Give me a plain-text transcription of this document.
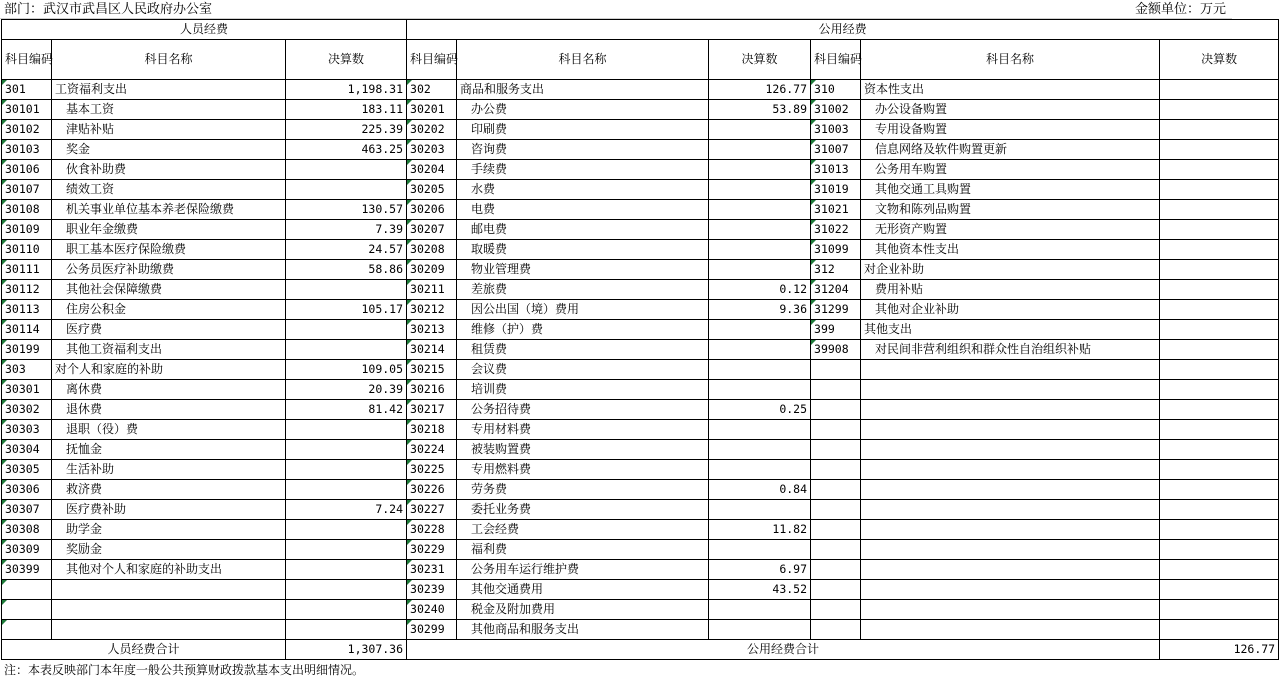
部门：武汉市武昌区人民政府办公室	金额单位：万元
人员经费			公用经费					
科目编码	科目名称	决算数	科目编码	科目名称	决算数	科目编码	科目名称	决算数
301	工资福利支出	1,198.31	302	商品和服务支出	126.77	310	资本性支出	
30101	基本工资	183.11	30201	办公费	53.89	31002	办公设备购置	
30102	津贴补贴	225.39	30202	印刷费		31003	专用设备购置	
30103	奖金	463.25	30203	咨询费		31007	信息网络及软件购置更新	
30106	伙食补助费		30204	手续费		31013	公务用车购置	
30107	绩效工资		30205	水费		31019	其他交通工具购置	
30108	机关事业单位基本养老保险缴费	130.57	30206	电费		31021	文物和陈列品购置	
30109	职业年金缴费	7.39	30207	邮电费		31022	无形资产购置	
30110	职工基本医疗保险缴费	24.57	30208	取暖费		31099	其他资本性支出	
30111	公务员医疗补助缴费	58.86	30209	物业管理费		312	对企业补助	
30112	其他社会保障缴费		30211	差旅费	0.12	31204	费用补贴	
30113	住房公积金	105.17	30212	因公出国（境）费用	9.36	31299	其他对企业补助	
30114	医疗费		30213	维修（护）费		399	其他支出	
30199	其他工资福利支出		30214	租赁费		39908	对民间非营利组织和群众性自治组织补贴	
303	对个人和家庭的补助	109.05	30215	会议费				
30301	离休费	20.39	30216	培训费				
30302	退休费	81.42	30217	公务招待费	0.25			
30303	退职（役）费		30218	专用材料费				
30304	抚恤金		30224	被装购置费				
30305	生活补助		30225	专用燃料费				
30306	救济费		30226	劳务费	0.84			
30307	医疗费补助	7.24	30227	委托业务费				
30308	助学金		30228	工会经费	11.82			
30309	奖励金		30229	福利费				
30399	其他对个人和家庭的补助支出		30231	公务用车运行维护费	6.97			
			30239	其他交通费用	43.52			
			30240	税金及附加费用				
			30299	其他商品和服务支出				
人员经费合计		1,307.36	公用经费合计					126.77
注：本表反映部门本年度一般公共预算财政拨款基本支出明细情况。
